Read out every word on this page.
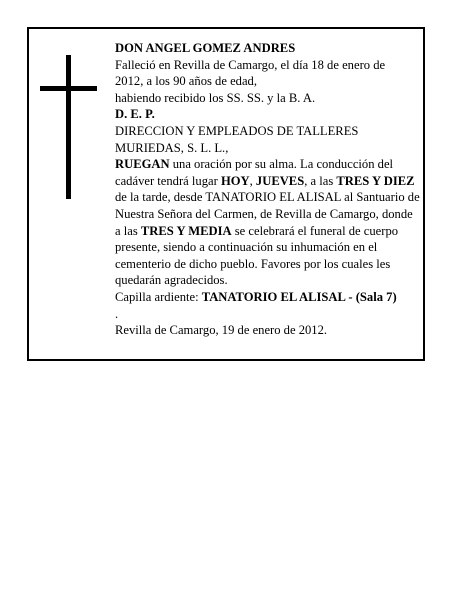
DON ANGEL GOMEZ ANDRES

Falleció en Revilla de Camargo, el día 18 de enero de

2012, a los 90 años de edad,

habiendo recibido los SS. SS. y la B. A.

D. E. P.

DIRECCION Y EMPLEADOS DE TALLERES

MURIEDAS, S. L. L.,

RUEGAN una oración por su alma. La conducción del cadáver tendrá lugar HOY, JUEVES, a las TRES Y DIEZ de la tarde, desde TANATORIO EL ALISAL al Santuario de Nuestra Señora del Carmen, de Revilla de Camargo, donde a las TRES Y MEDIA se celebrará el funeral de cuerpo presente, siendo a continuación su inhumación en el cementerio de dicho pueblo. Favores por los cuales les quedarán agradecidos.

Capilla ardiente: TANATORIO EL ALISAL - (Sala 7)

.

Revilla de Camargo, 19 de enero de 2012.
